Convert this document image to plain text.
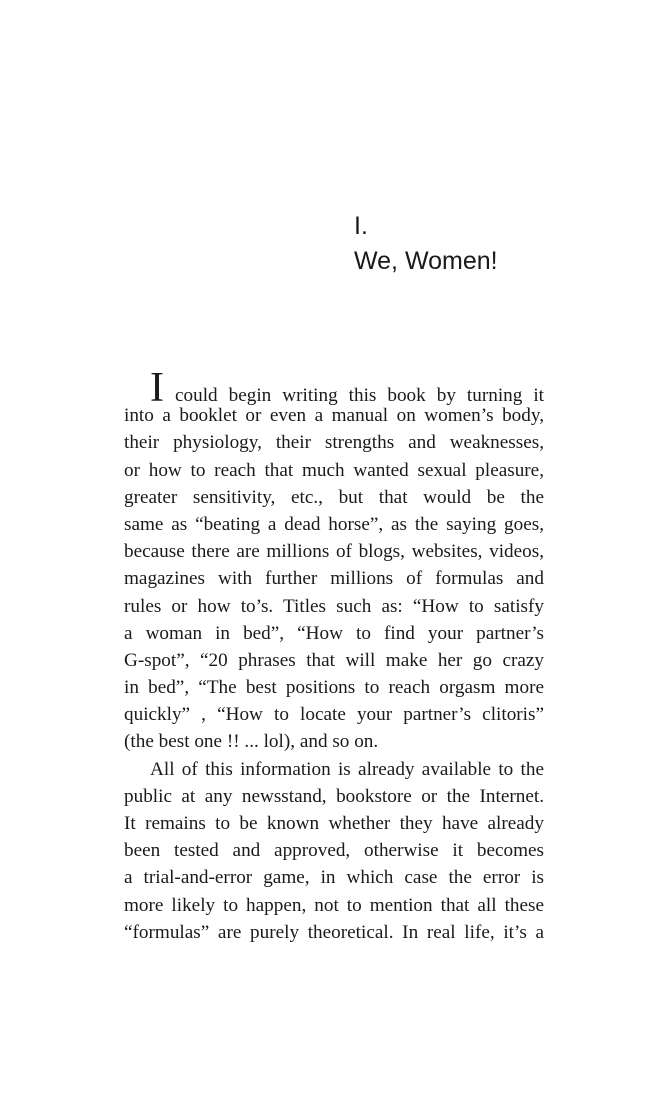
I.
We, Women!
I could begin writing this book by turning it
into a booklet or even a manual on women’s body,
their physiology, their strengths and weaknesses,
or how to reach that much wanted sexual pleasure,
greater sensitivity, etc., but that would be the
same as “beating a dead horse”, as the saying goes,
because there are millions of blogs, websites, videos,
magazines with further millions of formulas and
rules or how to’s. Titles such as: “How to satisfy
a woman in bed”, “How to find your partner’s
G-spot”, “20 phrases that will make her go crazy
in bed”, “The best positions to reach orgasm more
quickly” , “How to locate your partner’s clitoris”
(the best one !! ... lol), and so on.
All of this information is already available to the
public at any newsstand, bookstore or the Internet.
It remains to be known whether they have already
been tested and approved, otherwise it becomes
a trial-and-error game, in which case the error is
more likely to happen, not to mention that all these
“formulas” are purely theoretical. In real life, it’s a
